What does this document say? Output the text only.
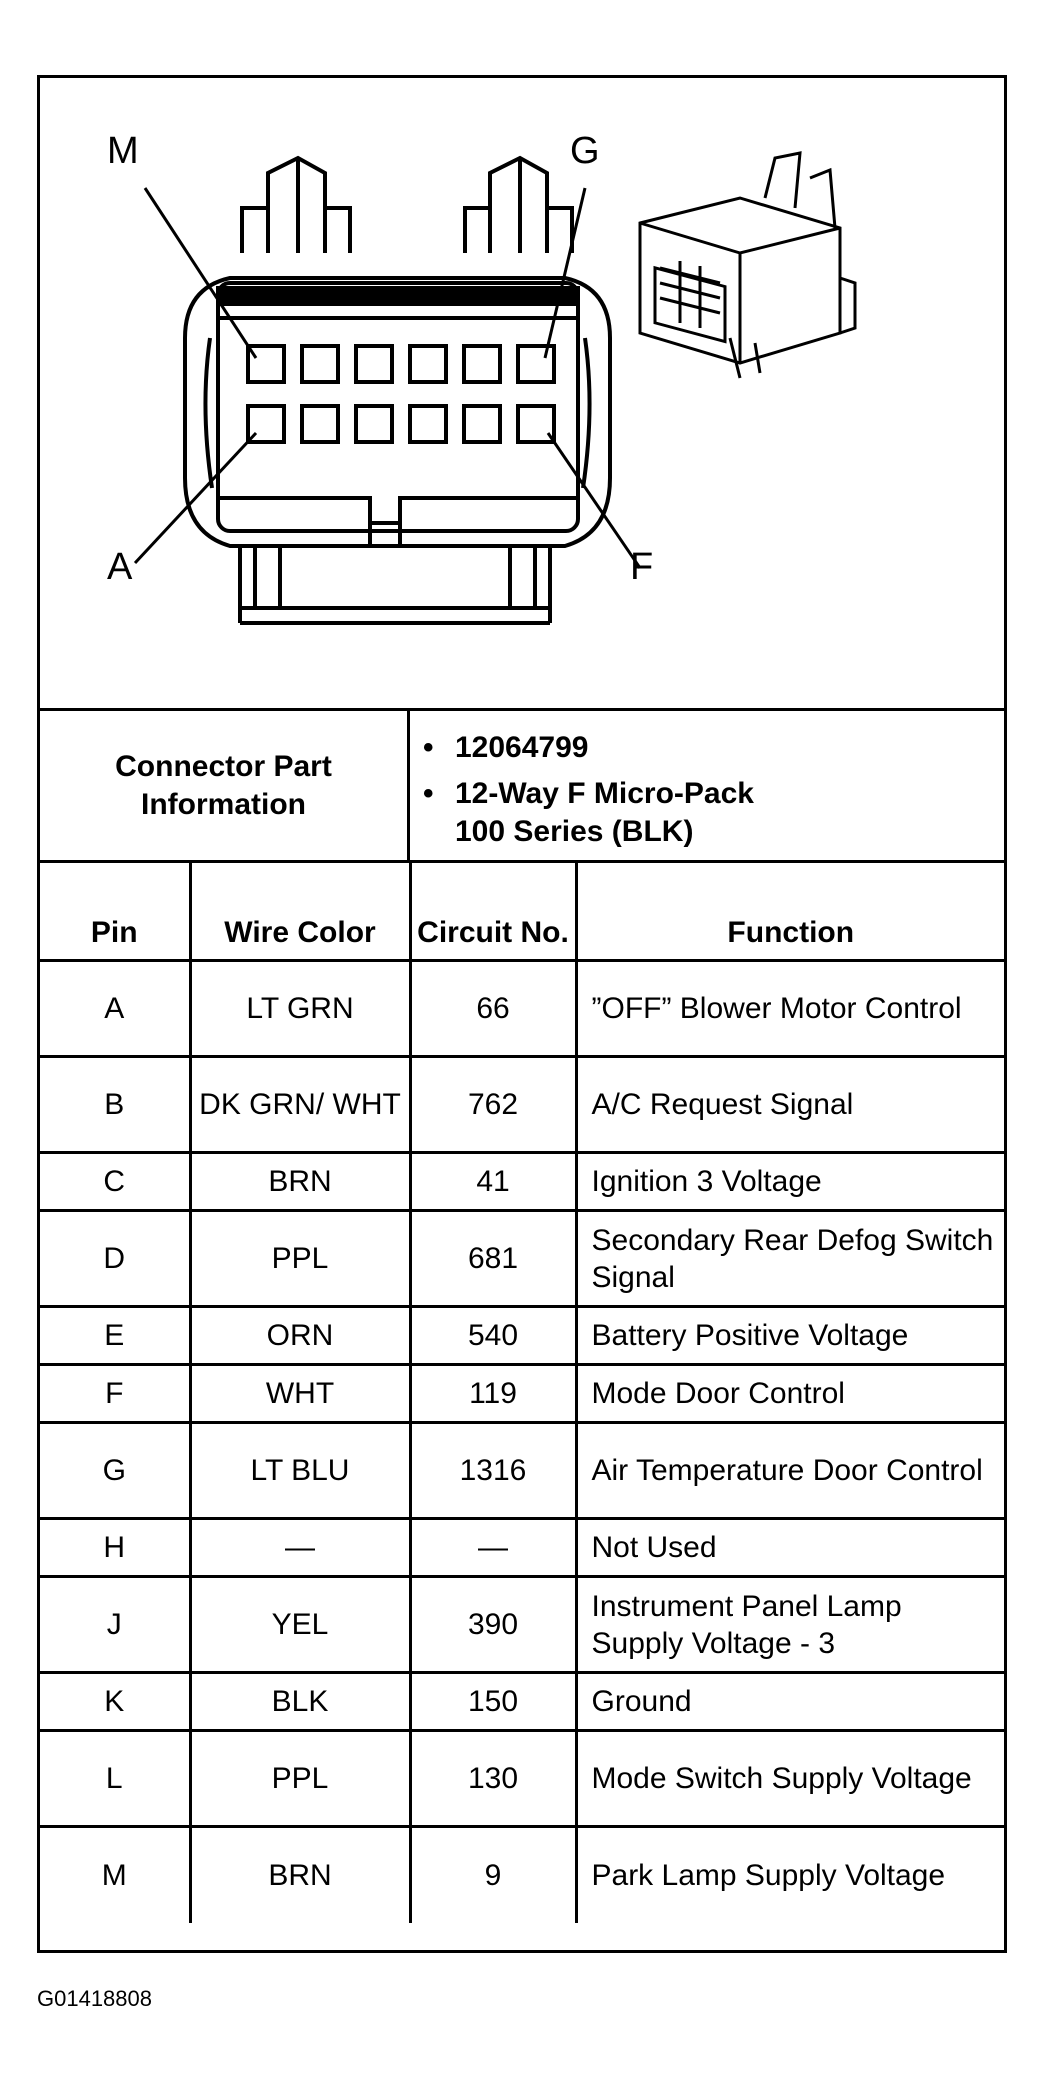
M	G
A	F
Connector Part Information
• 12064799
• 12-Way F Micro-Pack
100 Series (BLK)
Pin	Wire Color	Circuit No.	Function
A	LT GRN	66	”OFF” Blower Motor Control
B	DK GRN/ WHT	762	A/C Request Signal
C	BRN	41	Ignition 3 Voltage
D	PPL	681	Secondary Rear Defog Switch Signal
E	ORN	540	Battery Positive Voltage
F	WHT	119	Mode Door Control
G	LT BLU	1316	Air Temperature Door Control
H	—	—	Not Used
J	YEL	390	Instrument Panel Lamp Supply Voltage - 3
K	BLK	150	Ground
L	PPL	130	Mode Switch Supply Voltage
M	BRN	9	Park Lamp Supply Voltage
G01418808
